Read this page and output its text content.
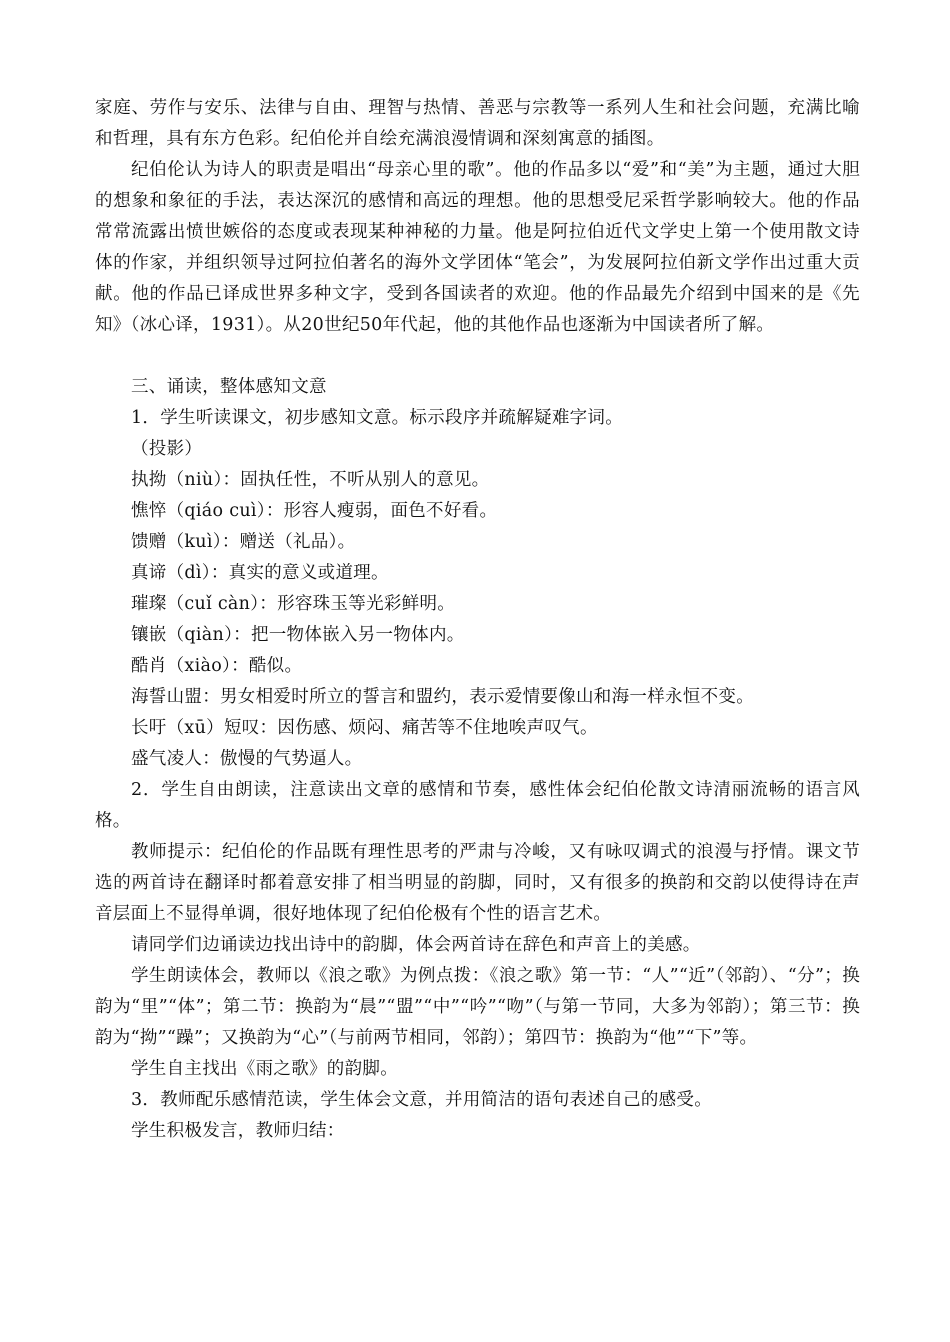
家庭、劳作与安乐、法律与自由、理智与热情、善恶与宗教等一系列人生和社会问题，充满比喻和哲理，具有东方色彩。纪伯伦并自绘充满浪漫情调和深刻寓意的插图。

纪伯伦认为诗人的职责是唱出“母亲心里的歌”。他的作品多以“爱”和“美”为主题，通过大胆的想象和象征的手法，表达深沉的感情和高远的理想。他的思想受尼采哲学影响较大。他的作品常常流露出愤世嫉俗的态度或表现某种神秘的力量。他是阿拉伯近代文学史上第一个使用散文诗体的作家，并组织领导过阿拉伯著名的海外文学团体“笔会”，为发展阿拉伯新文学作出过重大贡献。他的作品已译成世界多种文字，受到各国读者的欢迎。他的作品最先介绍到中国来的是《先知》（冰心译，1931）。从20世纪50年代起，他的其他作品也逐渐为中国读者所了解。

三、诵读，整体感知文意

1．学生听读课文，初步感知文意。标示段序并疏解疑难字词。

（投影）

执拗（niù）：固执任性，不听从别人的意见。

憔悴（qiáo cuì）：形容人瘦弱，面色不好看。

馈赠（kuì）：赠送（礼品）。

真谛（dì）：真实的意义或道理。

璀璨（cuǐ càn）：形容珠玉等光彩鲜明。

镶嵌（qiàn）：把一物体嵌入另一物体内。

酷肖（xiào）：酷似。

海誓山盟：男女相爱时所立的誓言和盟约，表示爱情要像山和海一样永恒不变。

长吁（xū）短叹：因伤感、烦闷、痛苦等不住地唉声叹气。

盛气凌人：傲慢的气势逼人。

2．学生自由朗读，注意读出文章的感情和节奏，感性体会纪伯伦散文诗清丽流畅的语言风格。

教师提示：纪伯伦的作品既有理性思考的严肃与冷峻，又有咏叹调式的浪漫与抒情。课文节选的两首诗在翻译时都着意安排了相当明显的韵脚，同时，又有很多的换韵和交韵以使得诗在声音层面上不显得单调，很好地体现了纪伯伦极有个性的语言艺术。

请同学们边诵读边找出诗中的韵脚，体会两首诗在辞色和声音上的美感。

学生朗读体会，教师以《浪之歌》为例点拨：《浪之歌》第一节：“人”“近”（邻韵）、“分”；换韵为“里”“体”；第二节：换韵为“晨”“盟”“中”“吟”“吻”（与第一节同，大多为邻韵）；第三节：换韵为“拗”“躁”；又换韵为“心”（与前两节相同，邻韵）；第四节：换韵为“他”“下”等。

学生自主找出《雨之歌》的韵脚。

3．教师配乐感情范读，学生体会文意，并用简洁的语句表述自己的感受。

学生积极发言，教师归结：
